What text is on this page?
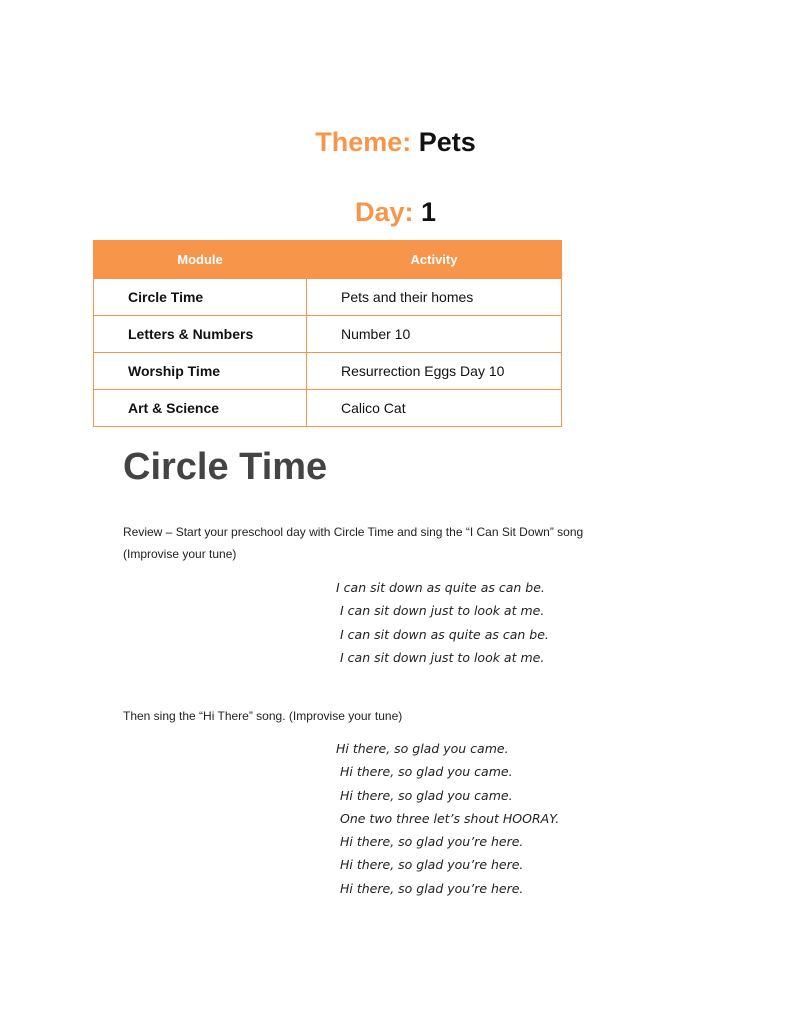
Theme: Pets
Day: 1
Module	Activity
Circle Time	Pets and their homes
Letters & Numbers	Number 10
Worship Time	Resurrection Eggs Day 10
Art & Science	Calico Cat
Circle Time
Review – Start your preschool day with Circle Time and sing the “I Can Sit Down” song
(Improvise your tune)
I can sit down as quite as can be.
I can sit down just to look at me.
I can sit down as quite as can be.
I can sit down just to look at me.
Then sing the “Hi There” song. (Improvise your tune)
Hi there, so glad you came.
Hi there, so glad you came.
Hi there, so glad you came.
One two three let’s shout HOORAY.
Hi there, so glad you’re here.
Hi there, so glad you’re here.
Hi there, so glad you’re here.
